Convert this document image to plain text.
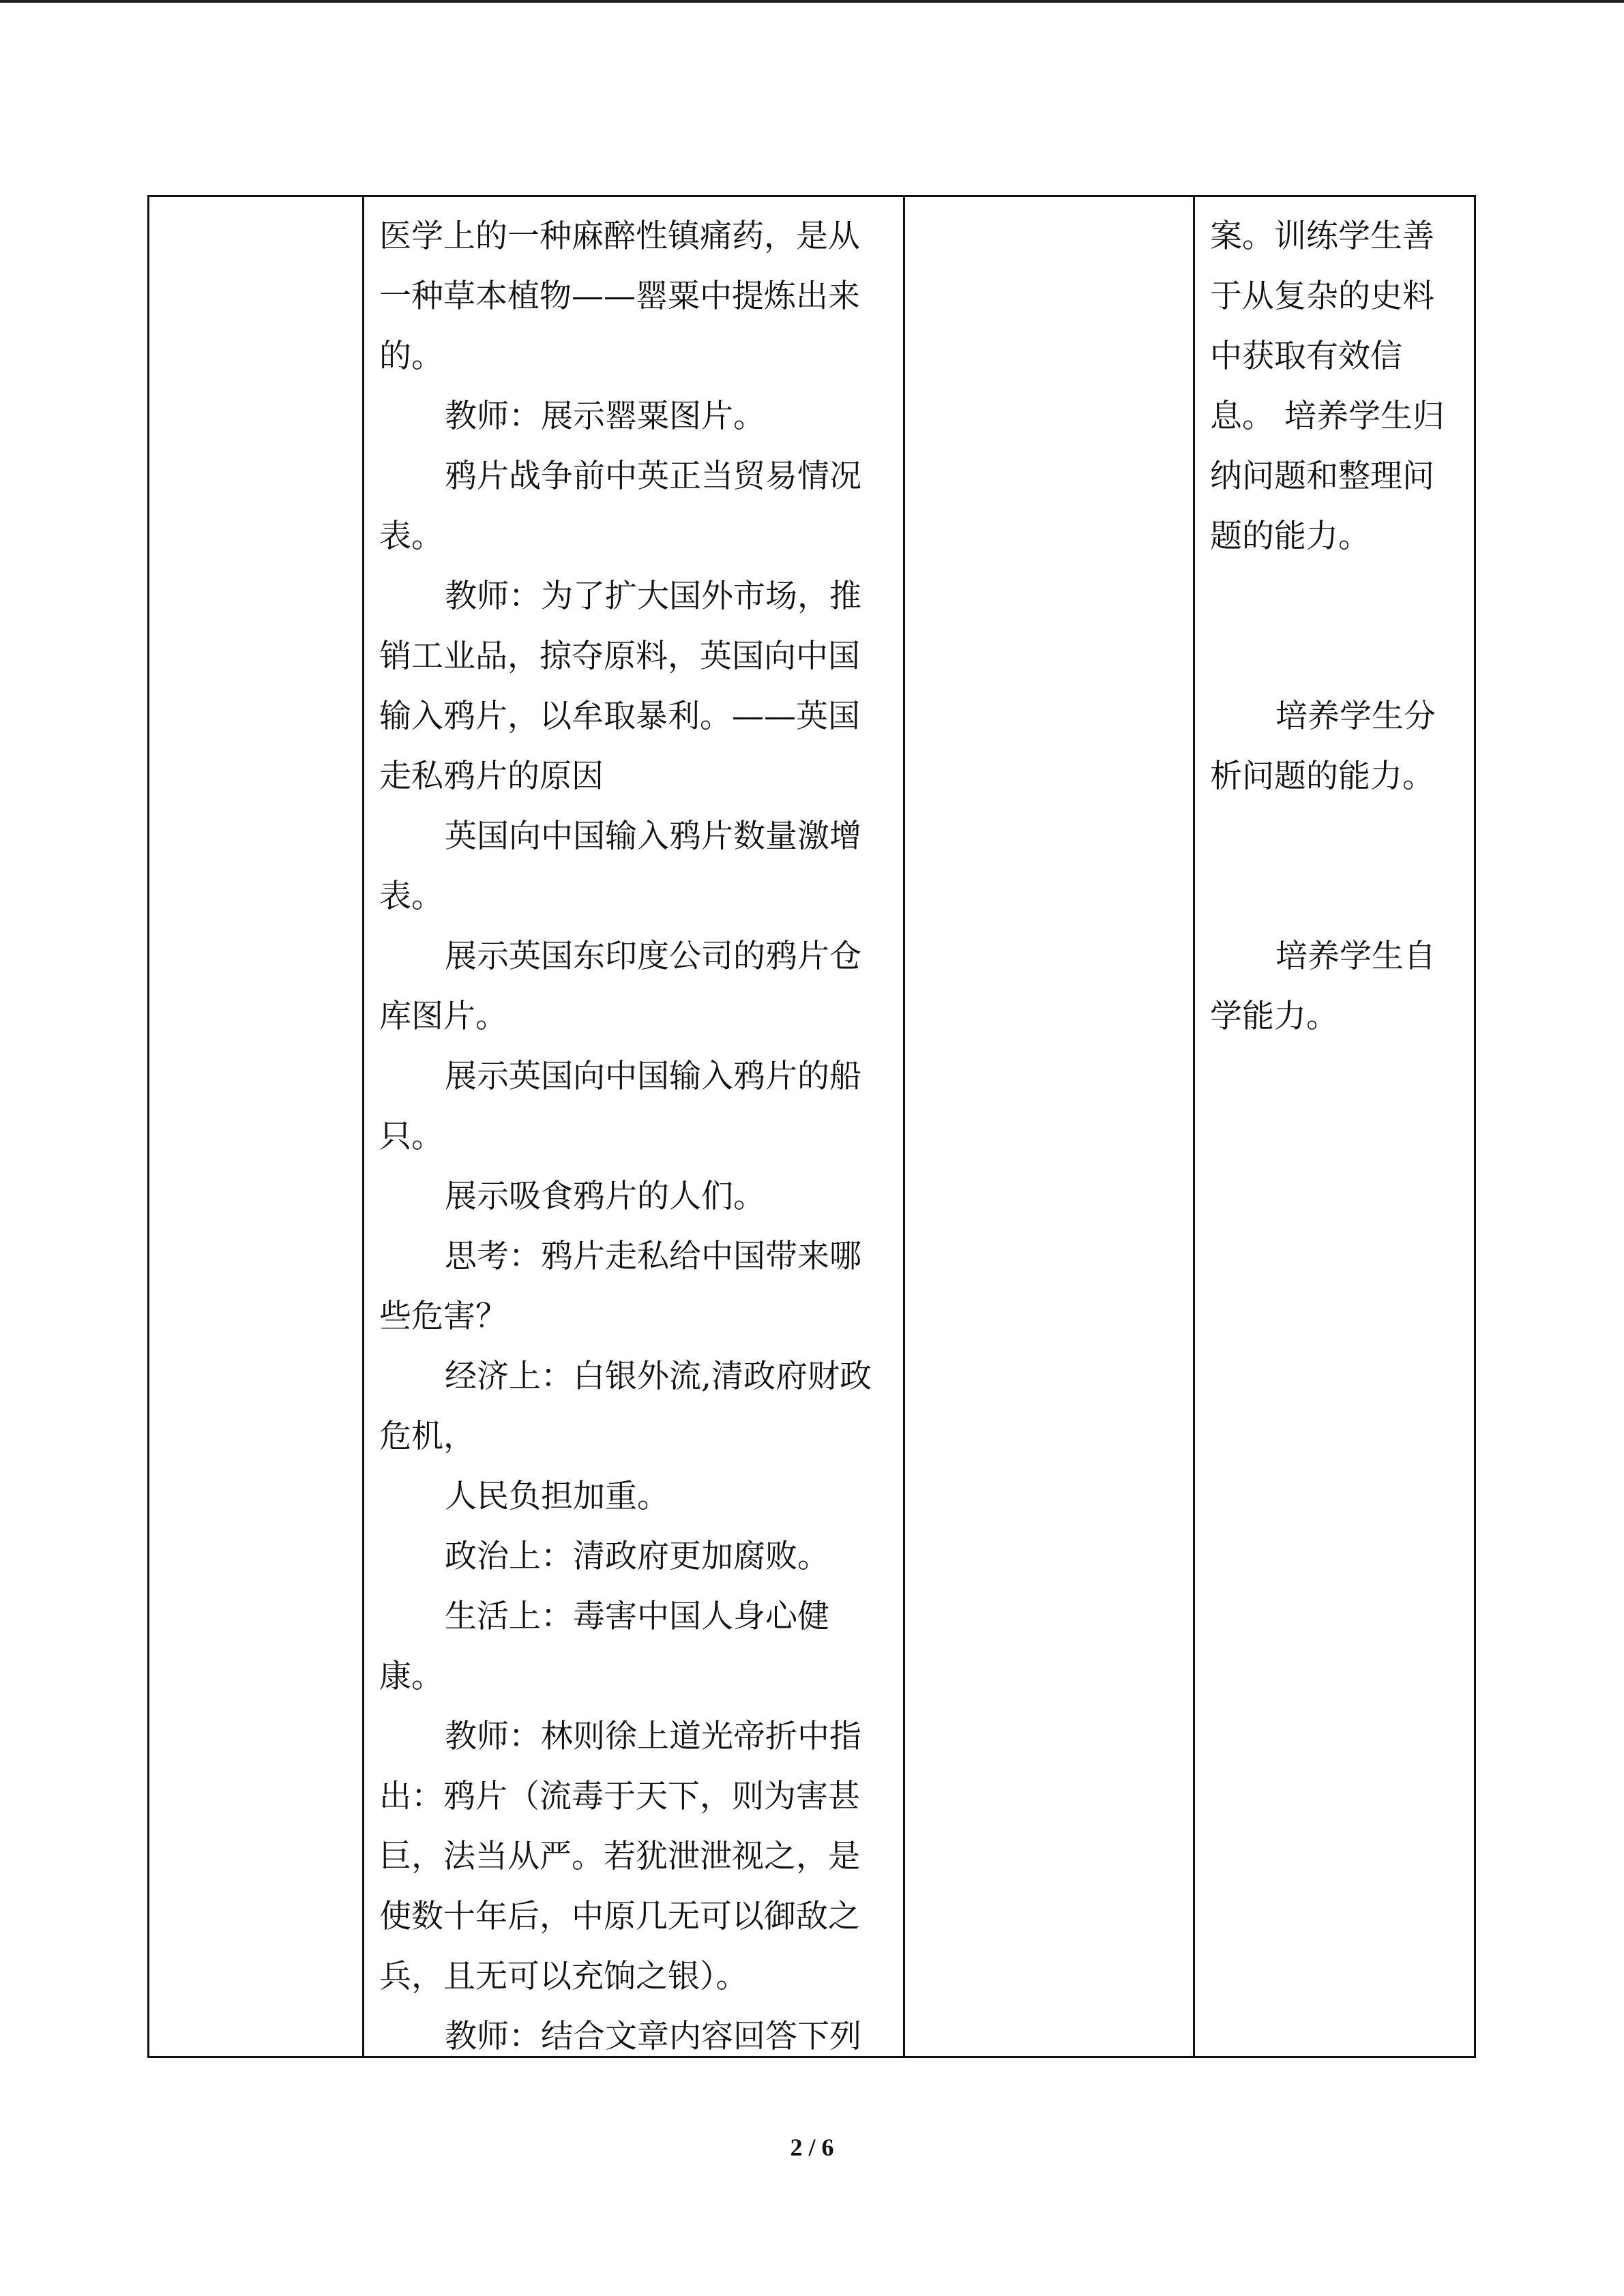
医学上的一种麻醉性镇痛药，是从
一种草本植物——罂粟中提炼出来
的。

教师：展示罂粟图片。

鸦片战争前中英正当贸易情况
表。

教师：为了扩大国外市场，推
销工业品，掠夺原料，英国向中国
输入鸦片，以牟取暴利。——英国
走私鸦片的原因

英国向中国输入鸦片数量激增
表。

展示英国东印度公司的鸦片仓
库图片。

展示英国向中国输入鸦片的船
只。

展示吸食鸦片的人们。

思考：鸦片走私给中国带来哪
些危害？

经济上：白银外流,清政府财政
危机，

人民负担加重。

政治上：清政府更加腐败。

生活上：毒害中国人身心健
康。

教师：林则徐上道光帝折中指
出：鸦片（流毒于天下，则为害甚
巨，法当从严。若犹泄泄视之，是
使数十年后，中原几无可以御敌之
兵，且无可以充饷之银）。

教师：结合文章内容回答下列

案。训练学生善
于从复杂的史料
中获取有效信
息。 培养学生归
纳问题和整理问
题的能力。

培养学生分
析问题的能力。

培养学生自
学能力。

2 / 6
